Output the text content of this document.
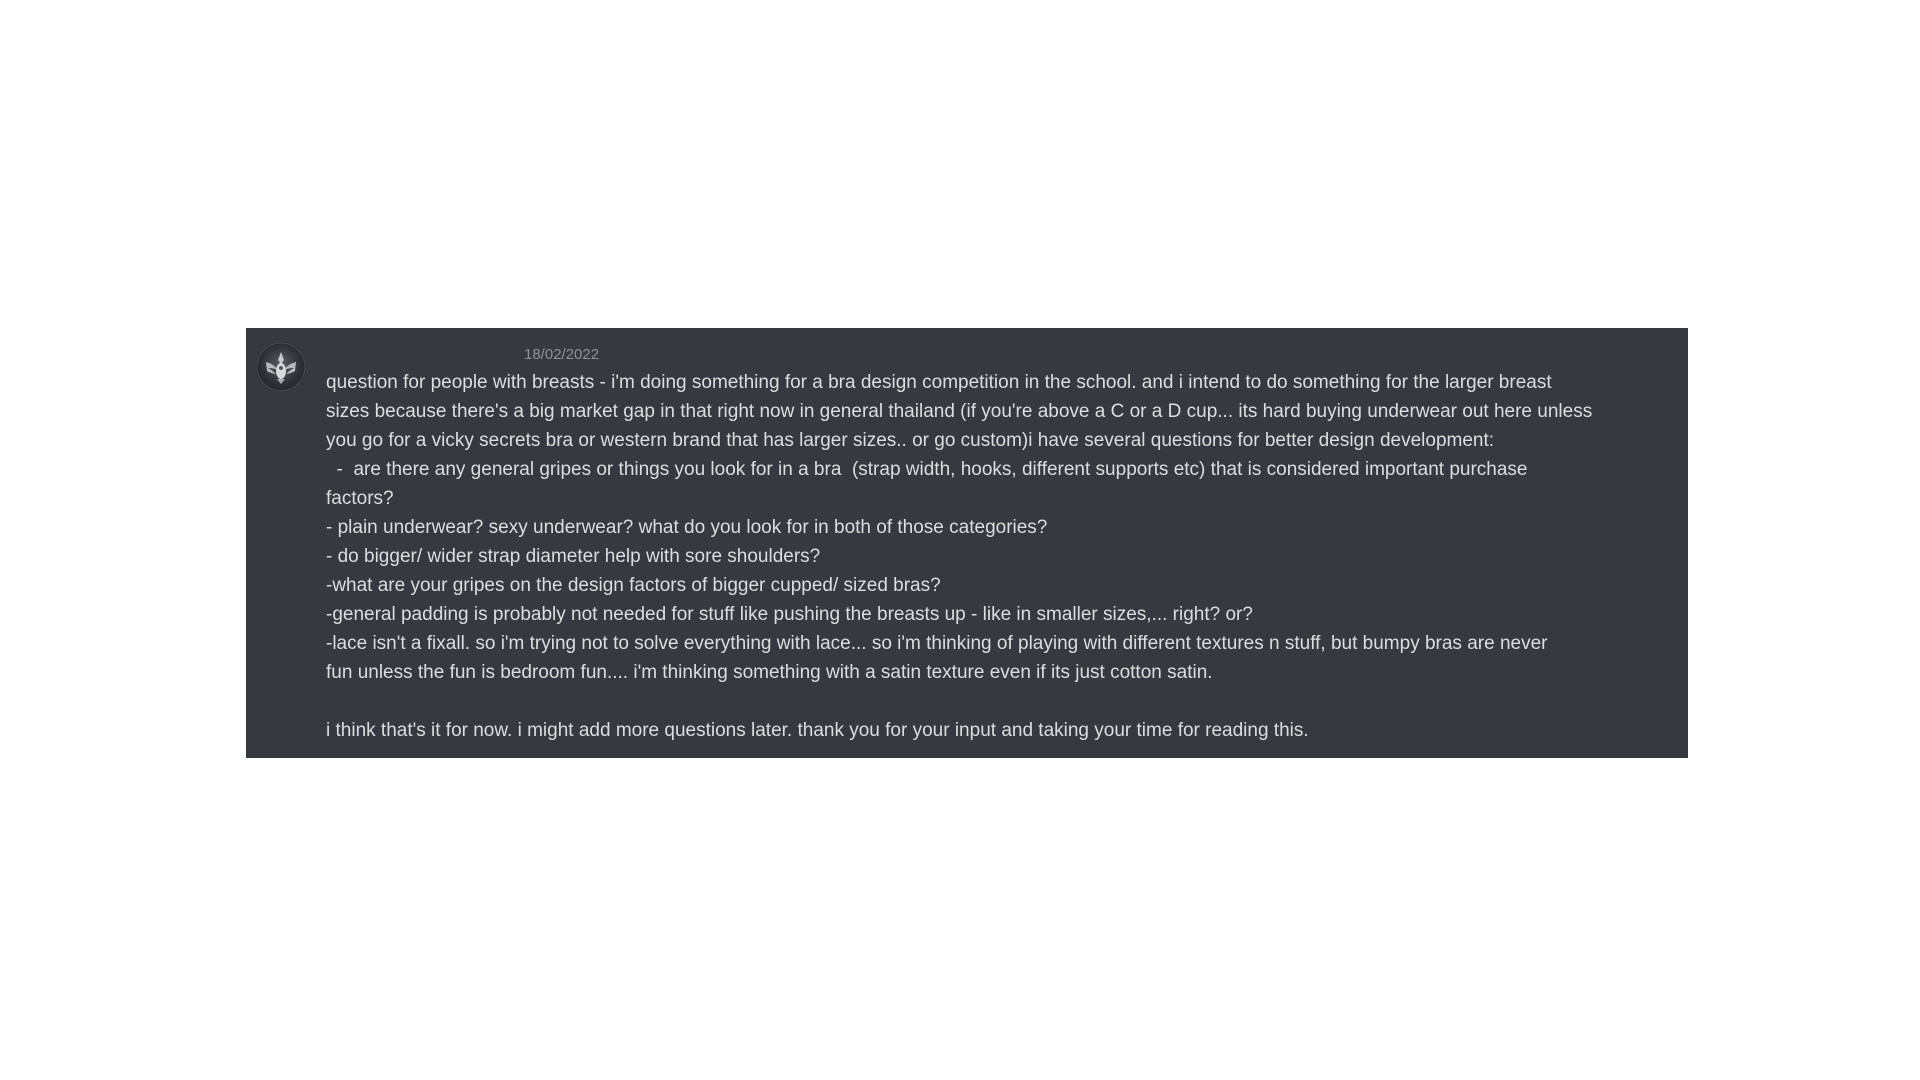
18/02/2022
question for people with breasts - i'm doing something for a bra design competition in the school. and i intend to do something for the larger breast
sizes because there's a big market gap in that right now in general thailand (if you're above a C or a D cup... its hard buying underwear out here unless
you go for a vicky secrets bra or western brand that has larger sizes.. or go custom)i have several questions for better design development:
-  are there any general gripes or things you look for in a bra  (strap width, hooks, different supports etc) that is considered important purchase
factors?
- plain underwear? sexy underwear? what do you look for in both of those categories?
- do bigger/ wider strap diameter help with sore shoulders?
-what are your gripes on the design factors of bigger cupped/ sized bras?
-general padding is probably not needed for stuff like pushing the breasts up - like in smaller sizes,... right? or?
-lace isn't a fixall. so i'm trying not to solve everything with lace... so i'm thinking of playing with different textures n stuff, but bumpy bras are never
fun unless the fun is bedroom fun.... i'm thinking something with a satin texture even if its just cotton satin.
i think that's it for now. i might add more questions later. thank you for your input and taking your time for reading this.
